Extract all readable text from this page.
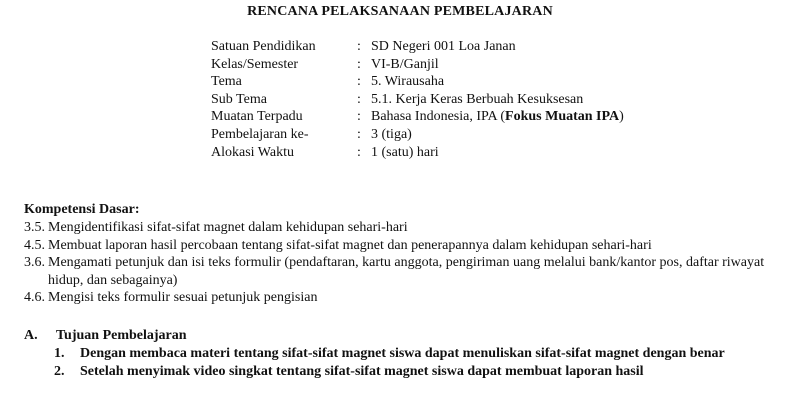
RENCANA PELAKSANAAN PEMBELAJARAN
Satuan Pendidikan	: SD Negeri 001 Loa Janan
Kelas/Semester	: VI-B/Ganjil
Tema	: 5. Wirausaha
Sub Tema	: 5.1. Kerja Keras Berbuah Kesuksesan
Muatan Terpadu	: Bahasa Indonesia, IPA (Fokus Muatan IPA)
Pembelajaran ke-	: 3 (tiga)
Alokasi Waktu	: 1 (satu) hari
Kompetensi Dasar:
3.5. Mengidentifikasi sifat-sifat magnet dalam kehidupan sehari-hari
4.5. Membuat laporan hasil percobaan tentang sifat-sifat magnet dan penerapannya dalam kehidupan sehari-hari
3.6. Mengamati petunjuk dan isi teks formulir (pendaftaran, kartu anggota, pengiriman uang melalui bank/kantor pos, daftar riwayat hidup, dan sebagainya)
4.6. Mengisi teks formulir sesuai petunjuk pengisian
A.	Tujuan Pembelajaran
1.	Dengan membaca materi tentang sifat-sifat magnet siswa dapat menuliskan sifat-sifat magnet dengan benar
2.	Setelah menyimak video singkat tentang sifat-sifat magnet siswa dapat membuat laporan hasil
